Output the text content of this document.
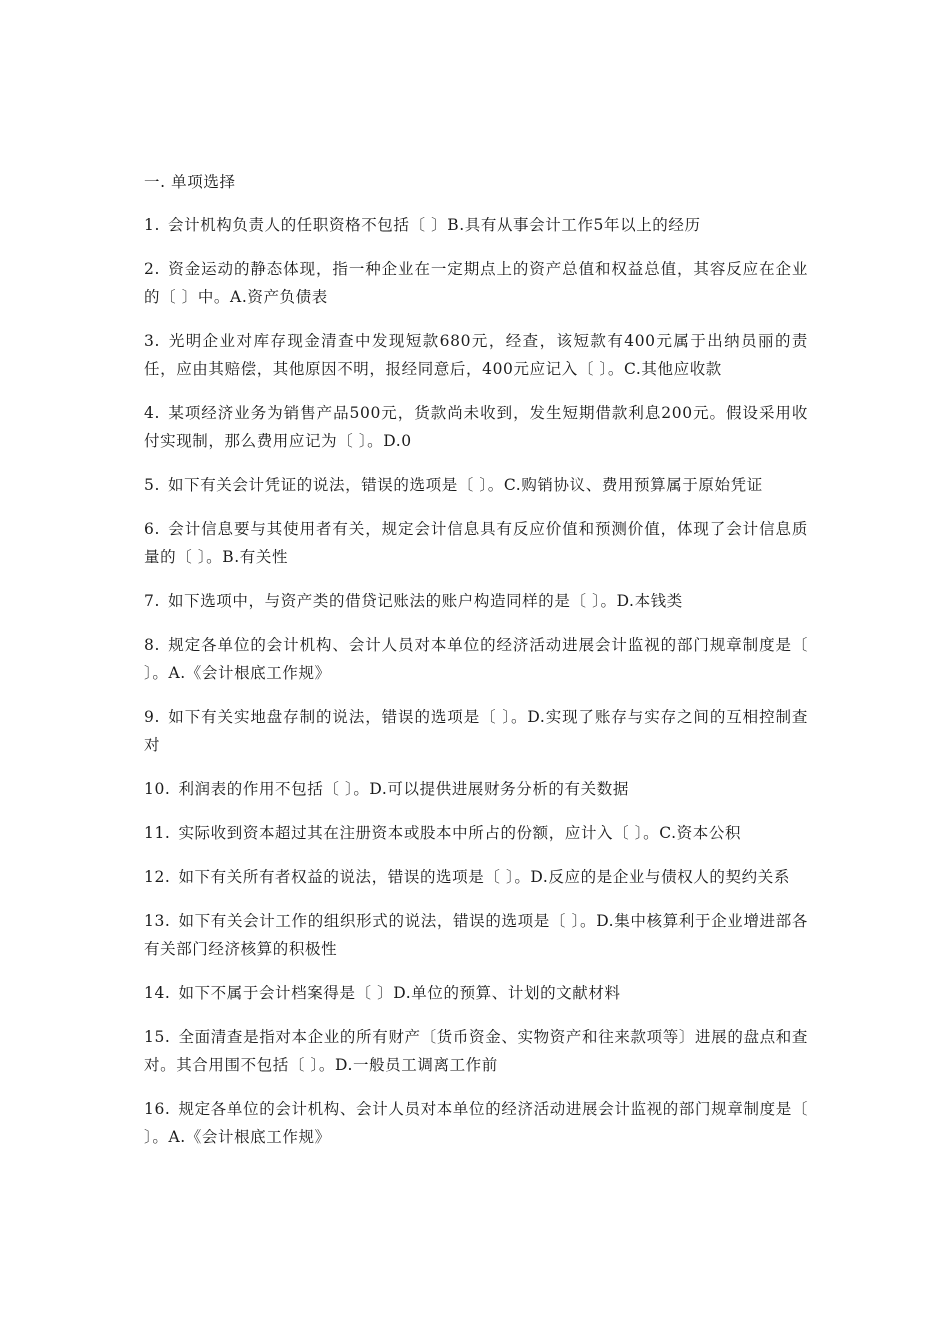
一. 单项选择
1. 会计机构负责人的任职资格不包括〔 〕B.具有从事会计工作5年以上的经历
2. 资金运动的静态体现，指一种企业在一定期点上的资产总值和权益总值，其容反应在企业的〔 〕中。A.资产负债表
3. 光明企业对库存现金清查中发现短款680元，经查，该短款有400元属于出纳员丽的责任，应由其赔偿，其他原因不明，报经同意后，400元应记入〔 〕。C.其他应收款
4. 某项经济业务为销售产品500元，货款尚未收到，发生短期借款利息200元。假设采用收付实现制，那么费用应记为〔 〕。D.0
5. 如下有关会计凭证的说法，错误的选项是〔 〕。C.购销协议、费用预算属于原始凭证
6. 会计信息要与其使用者有关，规定会计信息具有反应价值和预测价值，体现了会计信息质量的〔 〕。B.有关性
7. 如下选项中，与资产类的借贷记账法的账户构造同样的是〔 〕。D.本钱类
8. 规定各单位的会计机构、会计人员对本单位的经济活动进展会计监视的部门规章制度是〔 〕。A.《会计根底工作规》
9. 如下有关实地盘存制的说法，错误的选项是〔 〕。D.实现了账存与实存之间的互相控制查对
10. 利润表的作用不包括〔 〕。D.可以提供进展财务分析的有关数据
11. 实际收到资本超过其在注册资本或股本中所占的份额，应计入〔 〕。C.资本公积
12. 如下有关所有者权益的说法，错误的选项是〔 〕。D.反应的是企业与债权人的契约关系
13. 如下有关会计工作的组织形式的说法，错误的选项是〔 〕。D.集中核算利于企业增进部各有关部门经济核算的积极性
14. 如下不属于会计档案得是〔 〕D.单位的预算、计划的文献材料
15. 全面清查是指对本企业的所有财产〔货币资金、实物资产和往来款项等〕进展的盘点和查对。其合用围不包括〔 〕。D.一般员工调离工作前
16. 规定各单位的会计机构、会计人员对本单位的经济活动进展会计监视的部门规章制度是〔 〕。A.《会计根底工作规》
